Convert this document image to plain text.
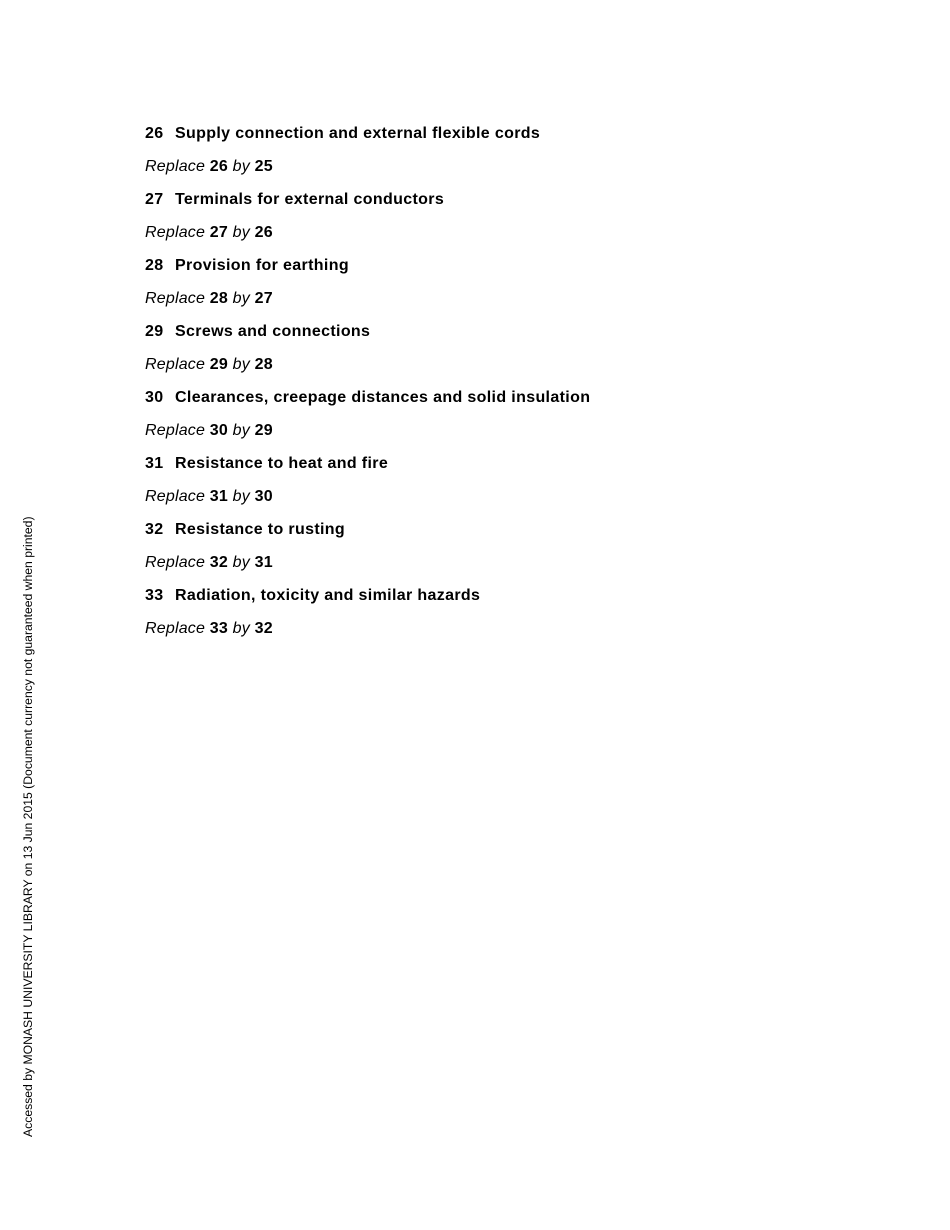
26 Supply connection and external flexible cords
Replace 26 by 25
27 Terminals for external conductors
Replace 27 by 26
28 Provision for earthing
Replace 28 by 27
29 Screws and connections
Replace 29 by 28
30 Clearances, creepage distances and solid insulation
Replace 30 by 29
31 Resistance to heat and fire
Replace 31 by 30
32 Resistance to rusting
Replace 32 by 31
33 Radiation, toxicity and similar hazards
Replace 33 by 32
Accessed by MONASH UNIVERSITY LIBRARY on 13 Jun 2015 (Document currency not guaranteed when printed)
